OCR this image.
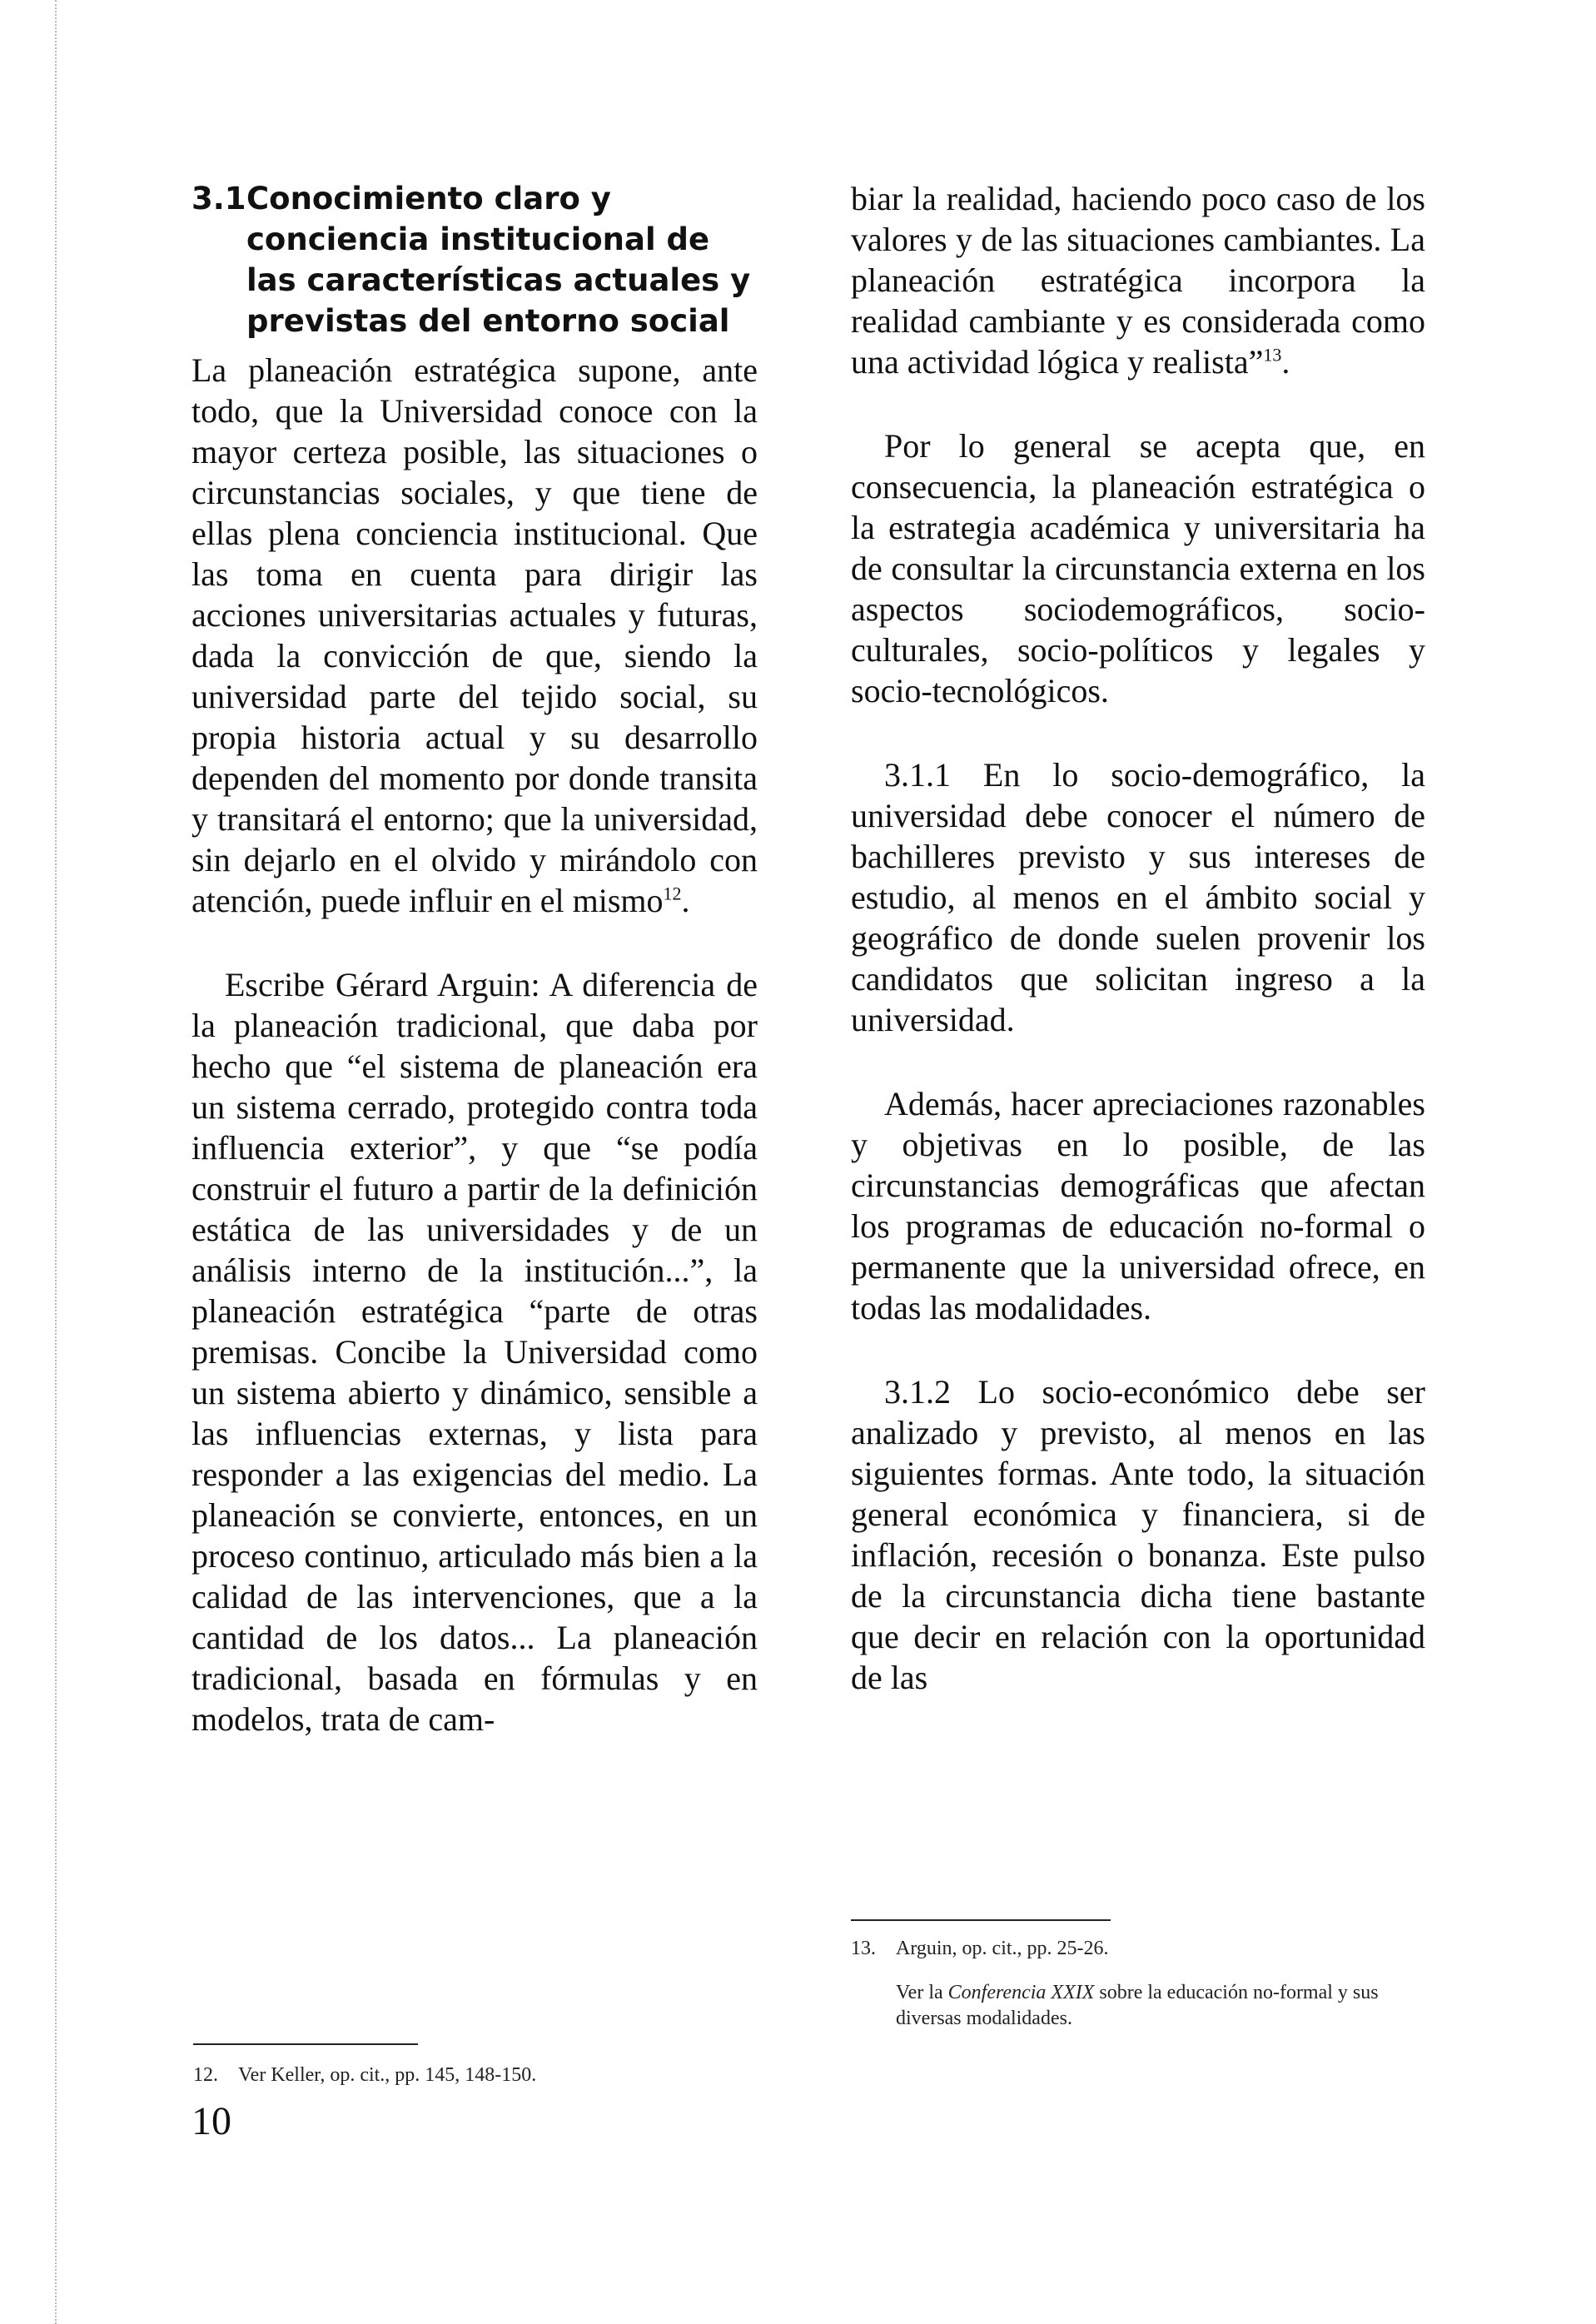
3.1 Conocimiento claro y conciencia institucional de las características actuales y previstas del entorno social

La planeación estratégica supone, ante todo, que la Universidad conoce con la mayor certeza posible, las situaciones o circunstancias sociales, y que tiene de ellas plena conciencia institucional. Que las toma en cuenta para dirigir las acciones universitarias actuales y futuras, dada la convicción de que, siendo la universidad parte del tejido social, su propia historia actual y su desarrollo dependen del momento por donde transita y transitará el entorno; que la universidad, sin dejarlo en el olvido y mirándolo con atención, puede influir en el mismo$^{12}$.

Escribe Gérard Arguin: A diferencia de la planeación tradicional, que daba por hecho que “el sistema de planeación era un sistema cerrado, protegido contra toda influencia exterior”, y que “se podía construir el futuro a partir de la definición estática de las universidades y de un análisis interno de la institución...”, la planeación estratégica “parte de otras premisas. Concibe la Universidad como un sistema abierto y dinámico, sensible a las influencias externas, y lista para responder a las exigencias del medio. La planeación se convierte, entonces, en un proceso continuo, articulado más bien a la calidad de las intervenciones, que a la cantidad de los datos... La planeación tradicional, basada en fórmulas y en modelos, trata de cam-

biar la realidad, haciendo poco caso de los valores y de las situaciones cambiantes. La planeación estratégica incorpora la realidad cambiante y es considerada como una actividad lógica y realista”$^{13}$.

Por lo general se acepta que, en consecuencia, la planeación estratégica o la estrategia académica y universitaria ha de consultar la circunstancia externa en los aspectos sociodemográficos, socio-culturales, socio-políticos y legales y socio-tecnológicos.

3.1.1 En lo socio-demográfico, la universidad debe conocer el número de bachilleres previsto y sus intereses de estudio, al menos en el ámbito social y geográfico de donde suelen provenir los candidatos que solicitan ingreso a la universidad.

Además, hacer apreciaciones razonables y objetivas en lo posible, de las circunstancias demográficas que afectan los programas de educación no-formal o permanente que la universidad ofrece, en todas las modalidades.

3.1.2 Lo socio-económico debe ser analizado y previsto, al menos en las siguientes formas. Ante todo, la situación general económica y financiera, si de inflación, recesión o bonanza. Este pulso de la circunstancia dicha tiene bastante que decir en relación con la oportunidad de las

12. Ver Keller, op. cit., pp. 145, 148-150.
13. Arguin, op. cit., pp. 25-26.
Ver la Conferencia XXIX sobre la educación no-formal y sus diversas modalidades.
10
